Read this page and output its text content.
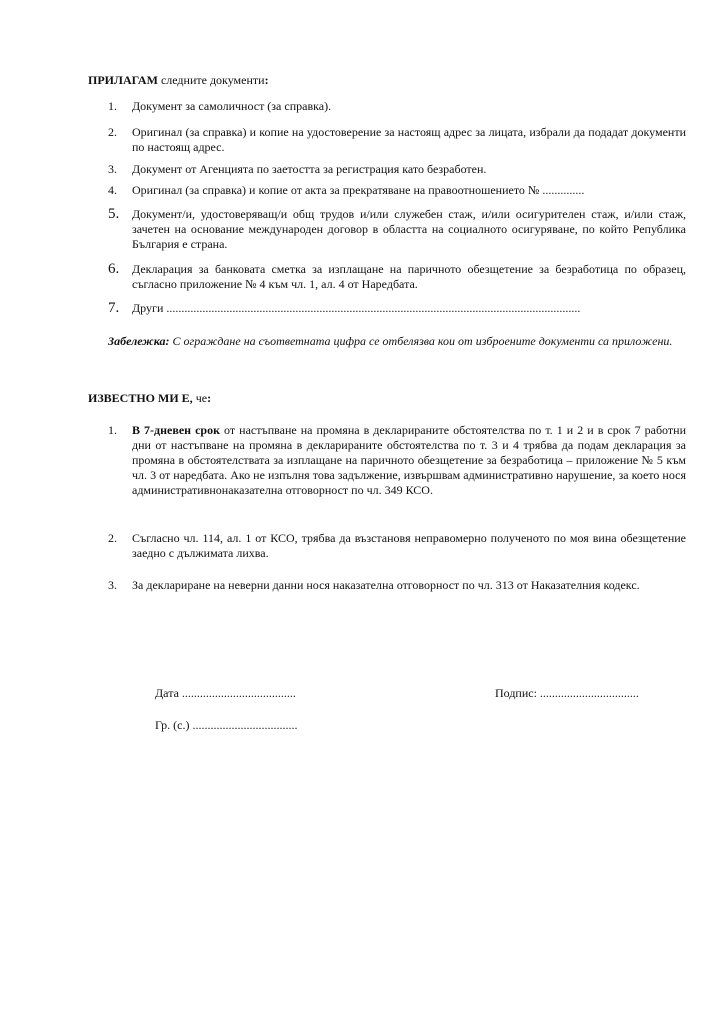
ПРИЛАГАМ следните документи:
1.	Документ за самоличност (за справка).
2.	Оригинал (за справка) и копие на удостоверение за настоящ адрес за лицата, избрали да подадат документи по настоящ адрес.
3.	Документ от Агенцията по заетостта за регистрация като безработен.
4.	Оригинал (за справка) и копие от акта за прекратяване на правоотношението № ..............
5.	Документ/и, удостоверяващ/и общ трудов и/или служебен стаж, и/или осигурителен стаж, и/или стаж, зачетен на основание международен договор в областта на социалното осигуряване, по който Република България е страна.
6.	Декларация за банковата сметка за изплащане на паричното обезщетение за безработица по образец, съгласно приложение № 4 към чл. 1, ал. 4 от Наредбата.
7.	Други ..........................................................................................................................................
Забележка: С ограждане на съответната цифра се отбелязва кои от изброените документи са приложени.
ИЗВЕСТНО МИ Е, че:
1.	В 7-дневен срок от настъпване на промяна в декларираните обстоятелства по т. 1 и 2 и в срок 7 работни дни от настъпване на промяна в декларираните обстоятелства по т. 3 и 4 трябва да подам декларация за промяна в обстоятелствата за изплащане на паричното обезщетение за безработица – приложение № 5 към чл. 3 от наредбата. Ако не изпълня това задължение, извършвам административно нарушение, за което нося административнонаказателна отговорност по чл. 349 КСО.
2.	Съгласно чл. 114, ал. 1 от КСО, трябва да възстановя неправомерно полученото по моя вина обезщетение заедно с дължимата лихва.
3.	За деклариране на неверни данни нося наказателна отговорност по чл. 313 от Наказателния кодекс.
Дата ......................................	Подпис: .................................
Гр. (с.) ...................................
